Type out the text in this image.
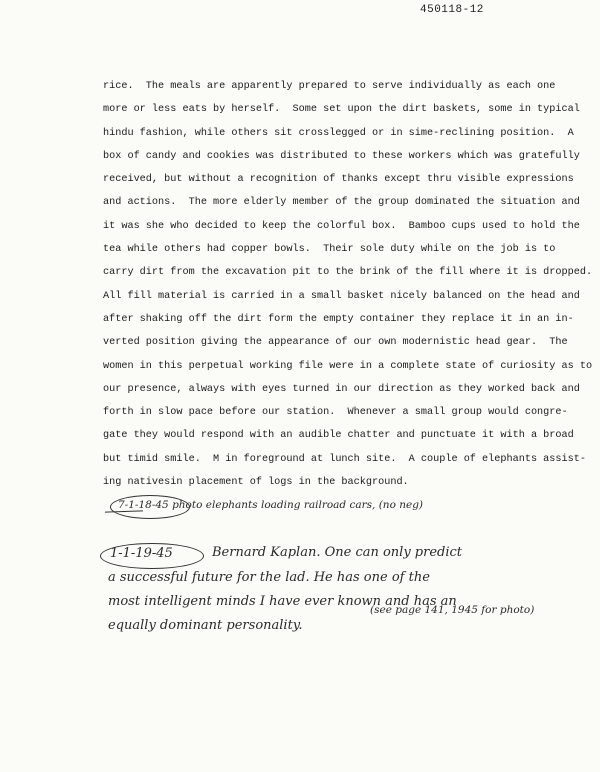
450118-12
rice.  The meals are apparently prepared to serve individually as each one
more or less eats by herself.  Some set upon the dirt baskets, some in typical
hindu fashion, while others sit crosslegged or in sime-reclining position.  A
box of candy and cookies was distributed to these workers which was gratefully
received, but without a recognition of thanks except thru visible expressions
and actions.  The more elderly member of the group dominated the situation and
it was she who decided to keep the colorful box.  Bamboo cups used to hold the
tea while others had copper bowls.  Their sole duty while on the job is to
carry dirt from the excavation pit to the brink of the fill where it is dropped.
All fill material is carried in a small basket nicely balanced on the head and
after shaking off the dirt form the empty container they replace it in an in-
verted position giving the appearance of our own modernistic head gear.  The
women in this perpetual working file were in a complete state of curiosity as to
our presence, always with eyes turned in our direction as they worked back and
forth in slow pace before our station.  Whenever a small group would congre-
gate they would respond with an audible chatter and punctuate it with a broad
but timid smile.  M in foreground at lunch site.  A couple of elephants assist-
ing nativesin placement of logs in the background.
7-1-18-45 photo elephants loading railroad cars, (no neg)
1-1-19-45	Bernard Kaplan. One can only predict
a successful future for the lad. He has one of the
most intelligent minds I have ever known and has an
equally dominant personality.
(see page 141, 1945 for photo)
